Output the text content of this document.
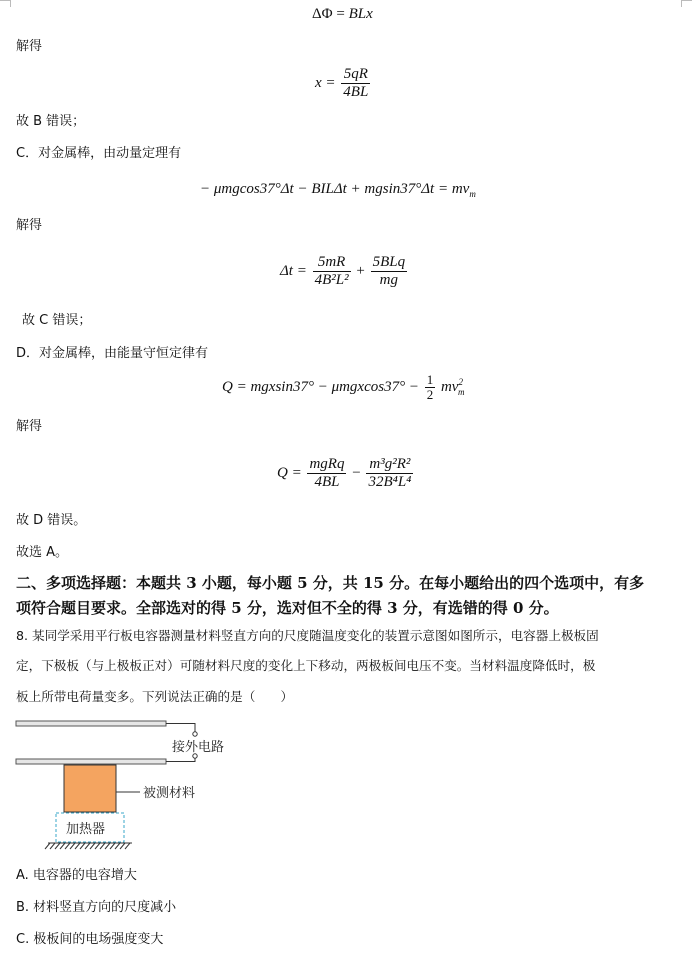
ΔΦ = BLx
解得
$x = \frac{5qR}{4BL}$
故 B 错误；
C．对金属棒，由动量定理有
− $\mu mgcos37^\circ\Delta t - BIL\Delta t + mgsin37^\circ\Delta t = mv_m$
解得
$\Delta t = \frac{5mR}{\text{4B²L²}} + \frac{\text{5BLq}}{mg}$
故 C 错误；
D．对金属棒，由能量守恒定律有
$Q = mgxsin37^\circ - \mu mgxcos37^\circ - \frac{1}{2} mv^2_m$
解得
$Q = \frac{\text{mgRq}}{4BL} - \frac{\text{m³g²R²}}{\text{32B⁴L⁴}}$
故 D 错误。
故选 A。
二、多项选择题：本题共 3 小题，每小题 5 分，共 15 分。在每小题给出的四个选项中，有多
项符合题目要求。全部选对的得 5 分，选对但不全的得 3 分，有选错的得 0 分。
8. 某同学采用平行板电容器测量材料竖直方向的尺度随温度变化的装置示意图如图所示，电容器上极板固
定，下极板（与上极板正对）可随材料尺度的变化上下移动，两极板间电压不变。当材料温度降低时，极
板上所带电荷量变多。下列说法正确的是（　　）
接外电路
被测材料
加热器
A. 电容器的电容增大
B. 材料竖直方向的尺度减小
C. 极板间的电场强度变大
